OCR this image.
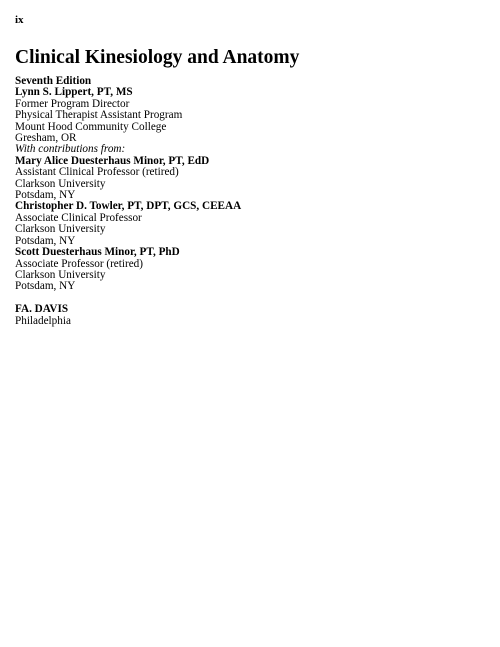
ix
Clinical Kinesiology and Anatomy
Seventh Edition
Lynn S. Lippert, PT, MS
Former Program Director
Physical Therapist Assistant Program
Mount Hood Community College
Gresham, OR
With contributions from:
Mary Alice Duesterhaus Minor, PT, EdD
Assistant Clinical Professor (retired)
Clarkson University
Potsdam, NY
Christopher D. Towler, PT, DPT, GCS, CEEAA
Associate Clinical Professor
Clarkson University
Potsdam, NY
Scott Duesterhaus Minor, PT, PhD
Associate Professor (retired)
Clarkson University
Potsdam, NY
FA. DAVIS
Philadelphia
